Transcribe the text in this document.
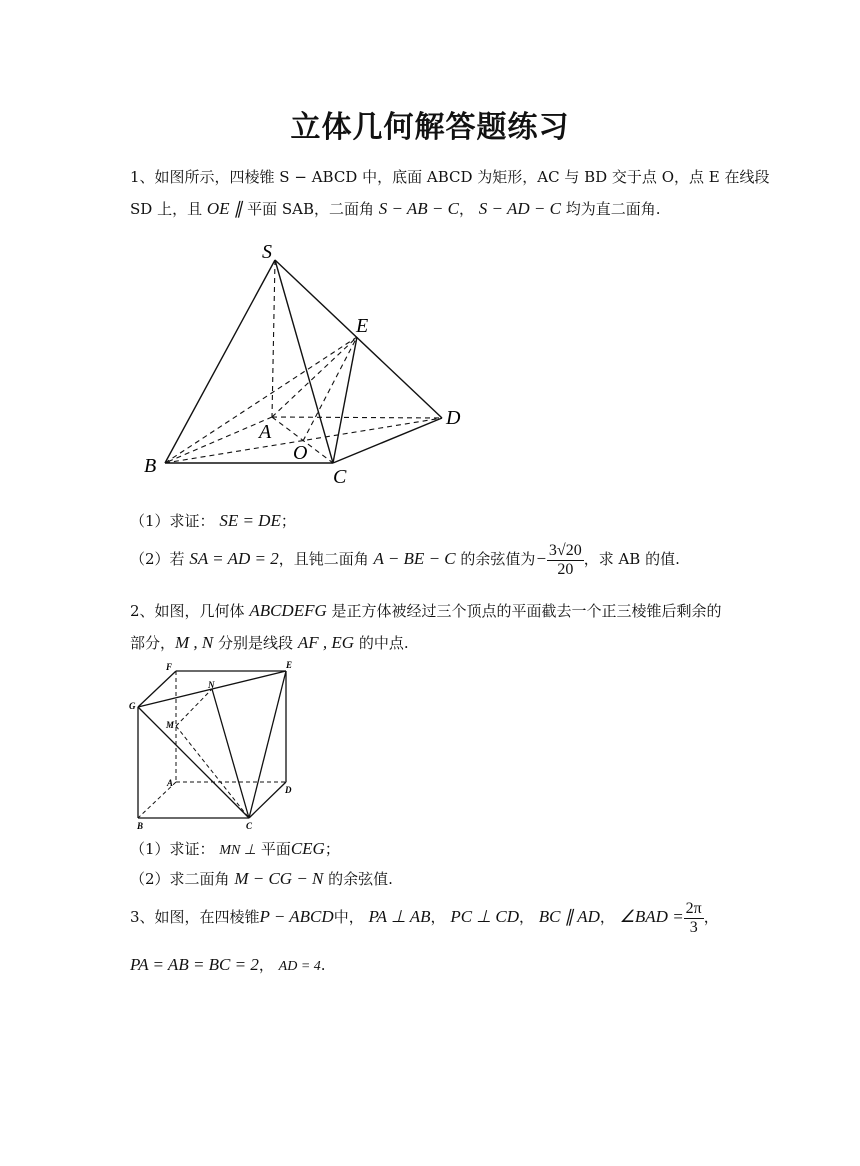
立体几何解答题练习
1、如图所示，四棱锥 S − ABCD 中，底面 ABCD 为矩形，AC 与 BD 交于点 O，点 E 在线段
SD 上，且 OE ∥ 平面 SAB，二面角 S − AB − C， S − AD − C 均为直二面角.
S
E
A
D
O
B	C
（1）求证： SE = DE；
（2）若 SA = AD = 2，且钝二面角 A − BE − C 的余弦值为− $\frac{3√20}{20}$ ，求 AB 的值.
2、如图，几何体 ABCDEFG 是正方体被经过三个顶点的平面截去一个正三棱锥后剩余的
部分，M , N 分别是线段 AF , EG 的中点.
F	E
N
G
M
A
D
B	C
（1）求证： MN ⊥ 平面CEG；
（2）求二面角 M − CG − N 的余弦值.
3、如图，在四棱锥P − ABCD中， PA ⊥ AB， PC ⊥ CD， BC ∥ AD， ∠BAD = $\frac{2\pi}{3}$ ，
PA = AB = BC = 2， AD = 4.
